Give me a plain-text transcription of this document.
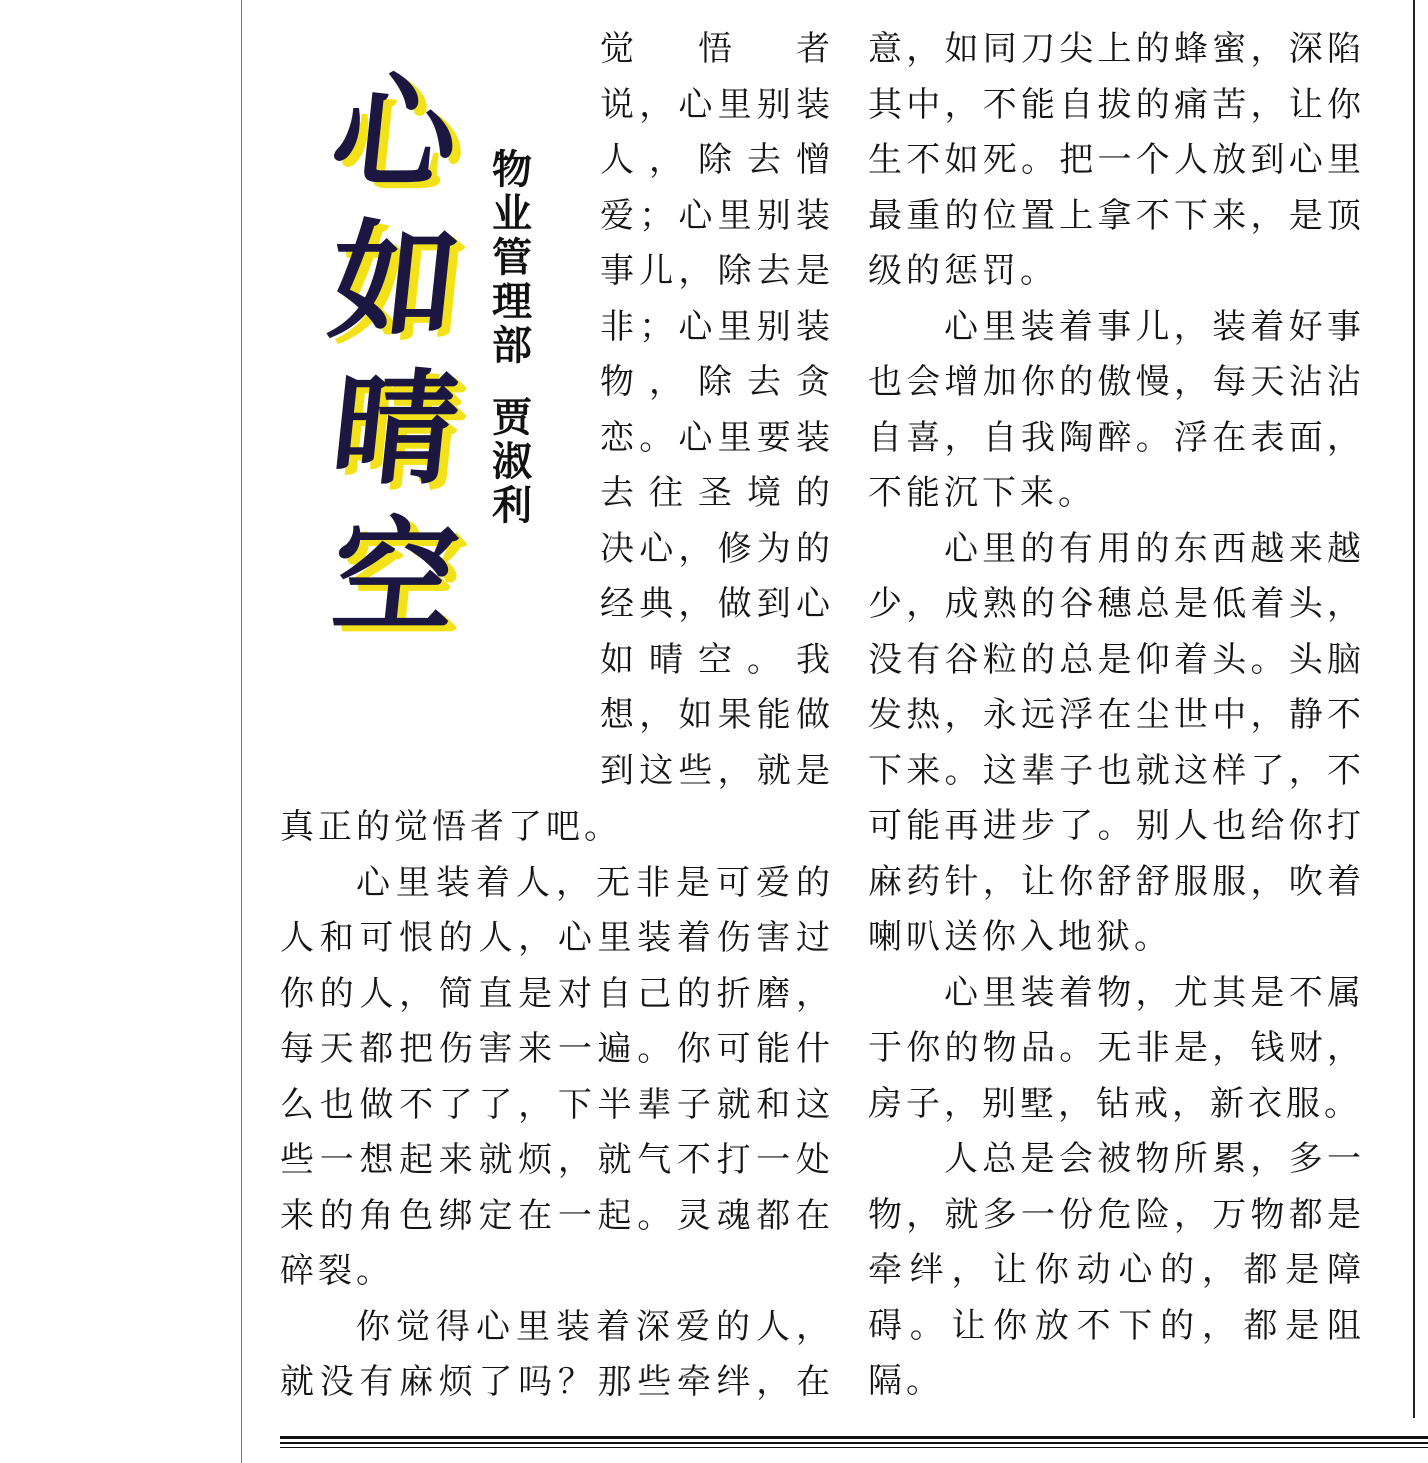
心
如
晴
空
物
业
管
理
部
贾
淑
利
觉悟者
说，心里别装
人，除去憎
爱；心里别装
事儿，除去是
非；心里别装
物，除去贪
恋。心里要装
去往圣境的
决心，修为的
经典，做到心
如晴空。我
想，如果能做
到这些，就是

真正的觉悟者了吧。

心里装着人，无非是可爱的人和可恨的人，心里装着伤害过你的人，简直是对自己的折磨，每天都把伤害来一遍。你可能什么也做不了了，下半辈子就和这些一想起来就烦，就气不打一处来的角色绑定在一起。灵魂都在碎裂。

你觉得心里装着深爱的人，就没有麻烦了吗？那些牵绊，在

意，如同刀尖上的蜂蜜，深陷其中，不能自拔的痛苦，让你生不如死。把一个人放到心里最重的位置上拿不下来，是顶级的惩罚。

心里装着事儿，装着好事也会增加你的傲慢，每天沾沾自喜，自我陶醉。浮在表面，不能沉下来。

心里的有用的东西越来越少，成熟的谷穗总是低着头，没有谷粒的总是仰着头。头脑发热，永远浮在尘世中，静不下来。这辈子也就这样了，不可能再进步了。别人也给你打麻药针，让你舒舒服服，吹着喇叭送你入地狱。

心里装着物，尤其是不属于你的物品。无非是，钱财，房子，别墅，钻戒，新衣服。

人总是会被物所累，多一物，就多一份危险，万物都是牵绊，让你动心的，都是障碍。让你放不下的，都是阻隔。
